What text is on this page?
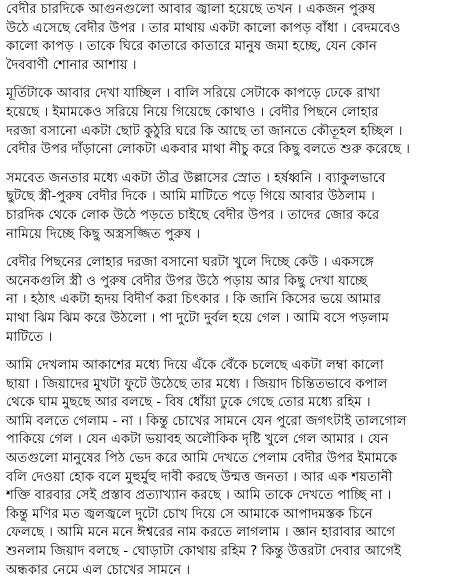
বেদীর চারদিকে আগুনগুলো আবার জ্বালা হয়েছে তখন । একজন পুরুষ
উঠে এসেছে বেদীর উপর । তার মাথায় একটা কালো কাপড় বাঁধা । বেদমবেও
কালো কাপড় । তাকে ঘিরে কাতারে কাতারে মানুষ জমা হচ্ছে, যেন কোন
দৈববাণী শোনার আশায় ।

মূর্তিটাকে আবার দেখা যাচ্ছিল । বালি সরিয়ে সেটাকে কাপড়ে ঢেকে রাখা
হয়েছে । ইমামকেও সরিয়ে নিয়ে গিয়েছে কোথাও । বেদীর পিছনে লোহার
দরজা বসানো একটা ছোট কুঠুরি ঘরে কি আছে তা জানতে কৌতূহল হচ্ছিল ।
বেদীর উপর দাঁড়ানো লোকটা একবার মাথা নীচু করে কিছু বলতে শুরু করেছে ।

সমবেত জনতার মধ্যে একটা তীব্র উল্লাসের স্রোত । হর্ষধ্বনি । ব্যাকুলভাবে
ছুটছে স্ত্রী-পুরুষ বেদীর দিকে । আমি মাটিতে পড়ে গিয়ে আবার উঠলাম ।
চারদিক থেকে লোক উঠে পড়তে চাইছে বেদীর উপর । তাদের জোর করে
নামিয়ে দিচ্ছে কিছু অস্ত্রসজ্জিত পুরুষ ।

বেদীর পিছনের লোহার দরজা বসানো ঘরটা খুলে দিচ্ছে কেউ । একসঙ্গে
অনেকগুলি স্ত্রী ও পুরুষ বেদীর উপর উঠে পড়ায় আর কিছু দেখা যাচ্ছে
না । হঠাৎ একটা হৃদয় বিদীর্ণ করা চিৎকার । কি জানি কিসের ভয়ে আমার
মাথা ঝিম ঝিম করে উঠলো । পা দুটো দুর্বল হয়ে গেল । আমি বসে পড়লাম
মাটিতে ।

আমি দেখলাম আকাশের মধ্যে দিয়ে এঁকে বেঁকে চলেছে একটা লম্বা কালো
ছায়া । জিয়াদের মুখটা ফুটে উঠেছে তার মধ্যে । জিয়াদ চিন্তিতভাবে কপাল
থেকে ঘাম মুছছে আর বলছে - বিষ ধোঁয়া ঢুকে গেছে তোর মধ্যে রহিম ।
আমি বলতে গেলাম - না । কিন্তু চোখের সামনে যেন পুরো জগৎটাই তালগোল
পাকিয়ে গেল । যেন একটা ভয়াবহ অলৌকিক দৃষ্টি খুলে গেল আমার । যেন
অতগুলো মানুষের পিঠ ভেদ করে আমি দেখতে পেলাম বেদীর উপর ইমামকে
বলি দেওয়া হোক বলে মুহুর্মুহু দাবী করছে উন্মত্ত জনতা । আর এক শয়তানী
শক্তি বারবার সেই প্রস্তাব প্রত্যাখ্যান করছে । আমি তাকে দেখতে পাচ্ছি না ।
কিন্তু মণির মত জ্বলজ্বলে দুটো চোখ দিয়ে সে আমাকে আপাদমস্তক চিনে
ফেলছে । আমি মনে মনে ঈশ্বরের নাম করতে লাগলাম । জ্ঞান হারাবার আগে
শুনলাম জিয়াদ বলছে - ঘোড়াটা কোথায় রহিম ? কিন্তু উত্তরটা দেবার আগেই
অন্ধকার নেমে এল চোখের সামনে ।
